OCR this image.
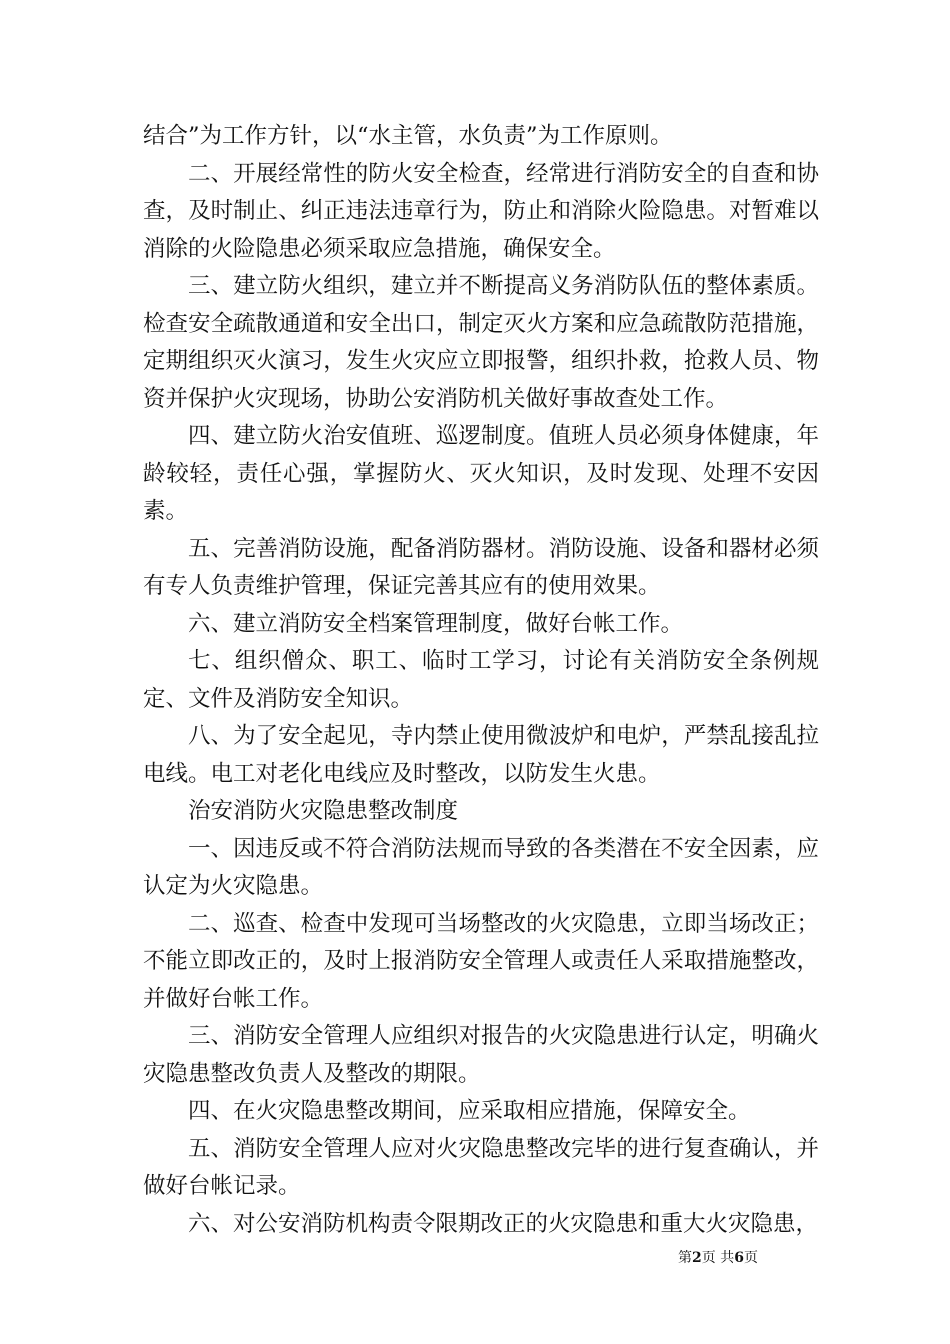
结合”为工作方针，以“水主管，水负责”为工作原则。

二、开展经常性的防火安全检查，经常进行消防安全的自查和协查，及时制止、纠正违法违章行为，防止和消除火险隐患。对暂难以消除的火险隐患必须采取应急措施，确保安全。

三、建立防火组织，建立并不断提高义务消防队伍的整体素质。检查安全疏散通道和安全出口，制定灭火方案和应急疏散防范措施，定期组织灭火演习，发生火灾应立即报警，组织扑救，抢救人员、物资并保护火灾现场，协助公安消防机关做好事故查处工作。

四、建立防火治安值班、巡逻制度。值班人员必须身体健康，年龄较轻，责任心强，掌握防火、灭火知识，及时发现、处理不安因素。

五、完善消防设施，配备消防器材。消防设施、设备和器材必须有专人负责维护管理，保证完善其应有的使用效果。

六、建立消防安全档案管理制度，做好台帐工作。

七、组织僧众、职工、临时工学习，讨论有关消防安全条例规定、文件及消防安全知识。

八、为了安全起见，寺内禁止使用微波炉和电炉，严禁乱接乱拉电线。电工对老化电线应及时整改，以防发生火患。

治安消防火灾隐患整改制度

一、因违反或不符合消防法规而导致的各类潜在不安全因素，应认定为火灾隐患。

二、巡查、检查中发现可当场整改的火灾隐患，立即当场改正；不能立即改正的，及时上报消防安全管理人或责任人采取措施整改，并做好台帐工作。

三、消防安全管理人应组织对报告的火灾隐患进行认定，明确火灾隐患整改负责人及整改的期限。

四、在火灾隐患整改期间，应采取相应措施，保障安全。

五、消防安全管理人应对火灾隐患整改完毕的进行复查确认，并做好台帐记录。

六、对公安消防机构责令限期改正的火灾隐患和重大火灾隐患，

第2页 共6页
